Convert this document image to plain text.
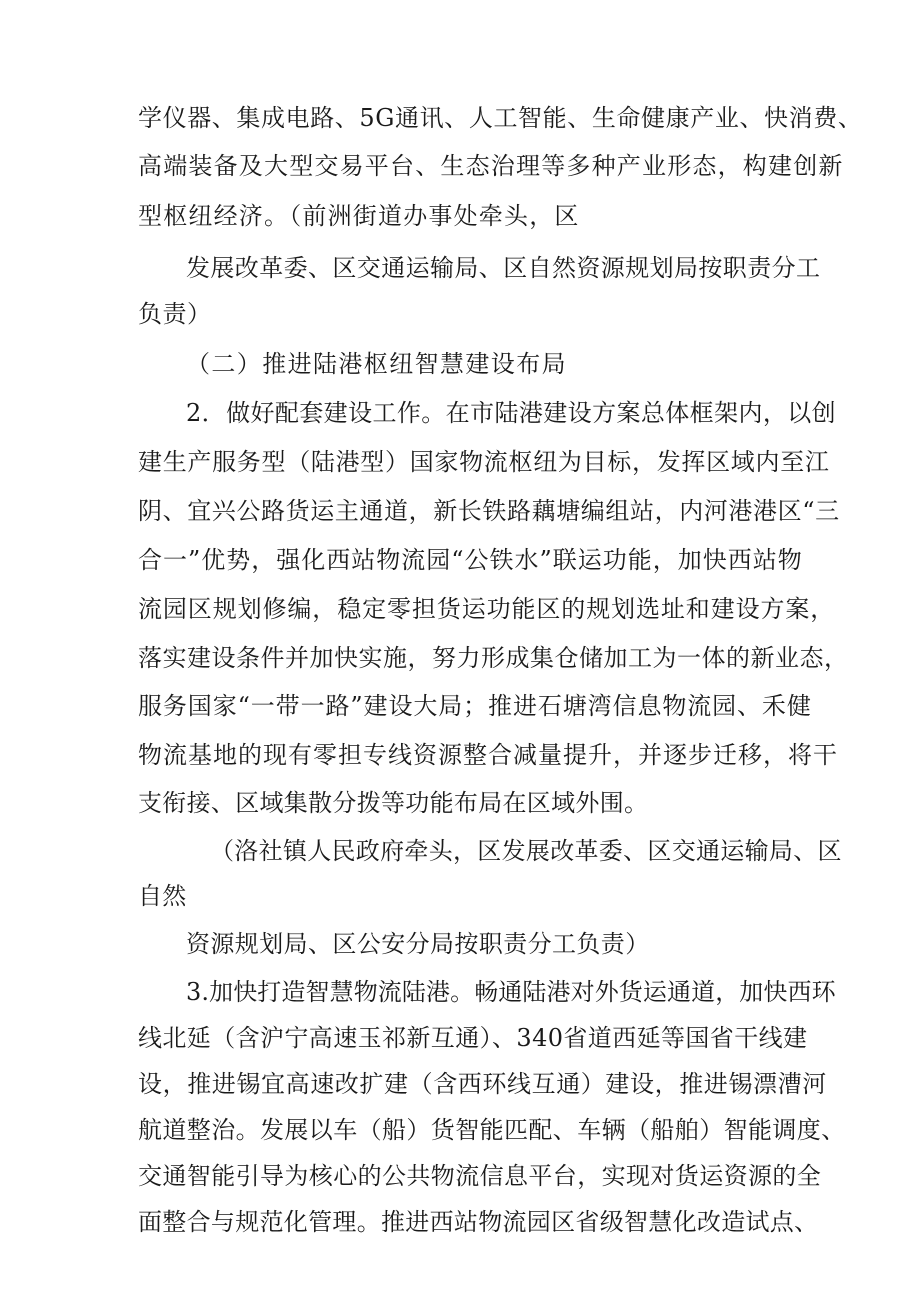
学仪器、集成电路、5G通讯、人工智能、生命健康产业、快消费、
高端装备及大型交易平台、生态治理等多种产业形态，构建创新
型枢纽经济。（前洲街道办事处牵头，区
发展改革委、区交通运输局、区自然资源规划局按职责分工
负责）
（二）推进陆港枢纽智慧建设布局
2．做好配套建设工作。在市陆港建设方案总体框架内，以创
建生产服务型（陆港型）国家物流枢纽为目标，发挥区域内至江
阴、宜兴公路货运主通道，新长铁路藕塘编组站，内河港港区“三
合一”优势，强化西站物流园“公铁水”联运功能，加快西站物
流园区规划修编，稳定零担货运功能区的规划选址和建设方案，
落实建设条件并加快实施，努力形成集仓储加工为一体的新业态，
服务国家“一带一路”建设大局；推进石塘湾信息物流园、禾健
物流基地的现有零担专线资源整合减量提升，并逐步迁移，将干
支衔接、区域集散分拨等功能布局在区域外围。
（洛社镇人民政府牵头，区发展改革委、区交通运输局、区
自然
资源规划局、区公安分局按职责分工负责）
3.加快打造智慧物流陆港。畅通陆港对外货运通道，加快西环
线北延（含沪宁高速玉祁新互通）、340省道西延等国省干线建
设，推进锡宜高速改扩建（含西环线互通）建设，推进锡漂漕河
航道整治。发展以车（船）货智能匹配、车辆（船舶）智能调度、
交通智能引导为核心的公共物流信息平台，实现对货运资源的全
面整合与规范化管理。推进西站物流园区省级智慧化改造试点、
